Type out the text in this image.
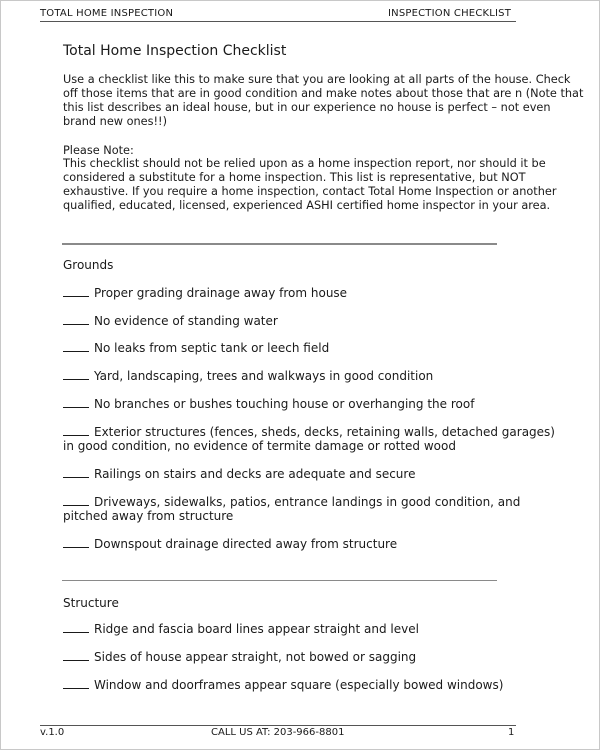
TOTAL HOME INSPECTION	INSPECTION CHECKLIST
Total Home Inspection Checklist
Use a checklist like this to make sure that you are looking at all parts of the house. Check off those items that are in good condition and make notes about those that are n (Note that this list describes an ideal house, but in our experience no house is perfect – not even brand new ones!!)
Please Note:
This checklist should not be relied upon as a home inspection report, nor should it be considered a substitute for a home inspection. This list is representative, but NOT exhaustive. If you require a home inspection, contact Total Home Inspection or another qualified, educated, licensed, experienced ASHI certified home inspector in your area.
Grounds
Proper grading drainage away from house
No evidence of standing water
No leaks from septic tank or leech field
Yard, landscaping, trees and walkways in good condition
No branches or bushes touching house or overhanging the roof
Exterior structures (fences, sheds, decks, retaining walls, detached garages) in good condition, no evidence of termite damage or rotted wood
Railings on stairs and decks are adequate and secure
Driveways, sidewalks, patios, entrance landings in good condition, and pitched away from structure
Downspout drainage directed away from structure
Structure
Ridge and fascia board lines appear straight and level
Sides of house appear straight, not bowed or sagging
Window and doorframes appear square (especially bowed windows)
v.1.0	CALL US AT: 203-966-8801	1
